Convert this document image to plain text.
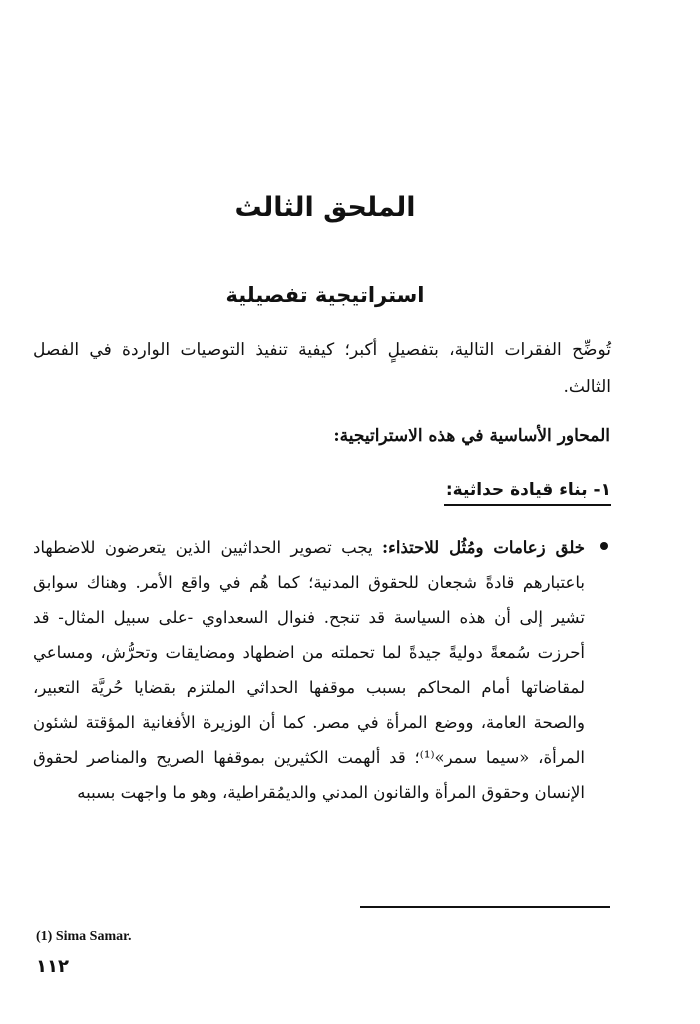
الملحق الثالث
استراتيجية تفصيلية
تُوضِّح الفقرات التالية، بتفصيلٍ أكبر؛ كيفية تنفيذ التوصيات الواردة في الفصل الثالث.
المحاور الأساسية في هذه الاستراتيجية:
١- بناء قيادة حداثية:
خلق زعامات ومُثُل للاحتذاء: يجب تصوير الحداثيين الذين يتعرضون للاضطهاد باعتبارهم قادةً شجعان للحقوق المدنية؛ كما هُم في واقع الأمر. وهناك سوابق تشير إلى أن هذه السياسة قد تنجح. فنوال السعداوي -على سبيل المثال- قد أحرزت سُمعةً دوليةً جيدةً لما تحملته من اضطهاد ومضايقات وتحرُّش، ومساعي لمقاضاتها أمام المحاكم بسبب موقفها الحداثي الملتزم بقضايا حُريَّة التعبير، والصحة العامة، ووضع المرأة في مصر. كما أن الوزيرة الأفغانية المؤقتة لشئون المرأة، «سيما سمر»⁽¹⁾؛ قد ألهمت الكثيرين بموقفها الصريح والمناصر لحقوق الإنسان وحقوق المرأة والقانون المدني والديمُقراطية، وهو ما واجهت بسببه
(1) Sima Samar.
١١٢
